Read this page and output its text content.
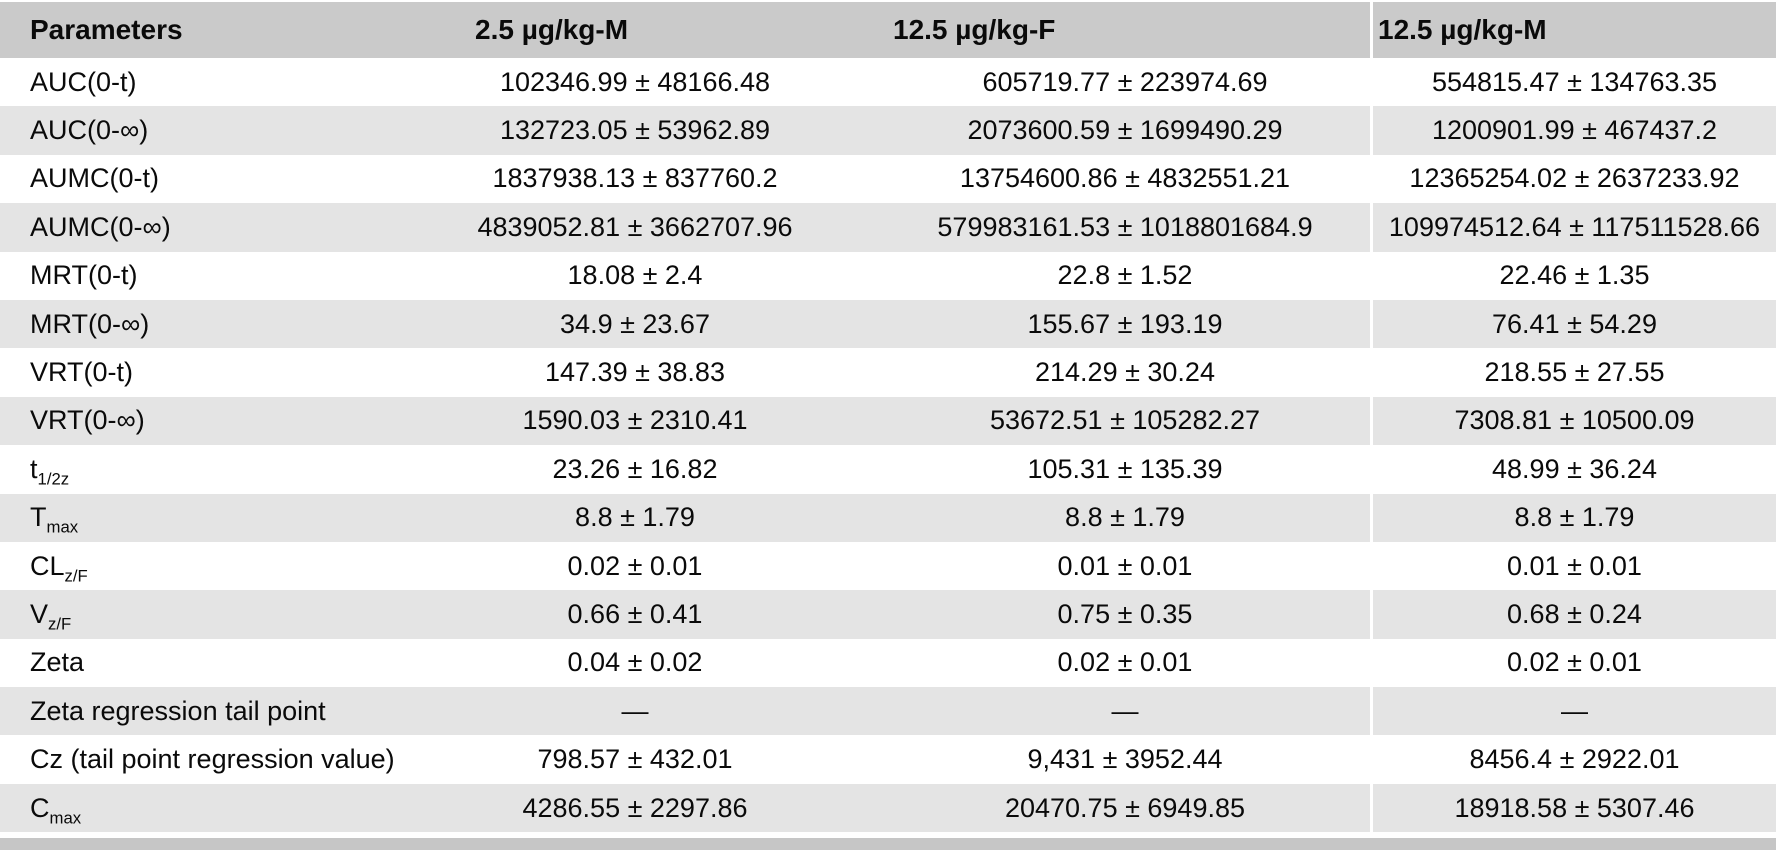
Parameters	2.5 µg/kg-M	12.5 µg/kg-F	12.5 µg/kg-M
AUC(0-t)	102346.99 ± 48166.48	605719.77 ± 223974.69	554815.47 ± 134763.35
AUC(0-∞)	132723.05 ± 53962.89	2073600.59 ± 1699490.29	1200901.99 ± 467437.2
AUMC(0-t)	1837938.13 ± 837760.2	13754600.86 ± 4832551.21	12365254.02 ± 2637233.92
AUMC(0-∞)	4839052.81 ± 3662707.96	579983161.53 ± 1018801684.9	109974512.64 ± 117511528.66
MRT(0-t)	18.08 ± 2.4	22.8 ± 1.52	22.46 ± 1.35
MRT(0-∞)	34.9 ± 23.67	155.67 ± 193.19	76.41 ± 54.29
VRT(0-t)	147.39 ± 38.83	214.29 ± 30.24	218.55 ± 27.55
VRT(0-∞)	1590.03 ± 2310.41	53672.51 ± 105282.27	7308.81 ± 10500.09
$t_{1/2z}$	23.26 ± 16.82	105.31 ± 135.39	48.99 ± 36.24
$T_{max}$	8.8 ± 1.79	8.8 ± 1.79	8.8 ± 1.79
$CL_{z/F}$	0.02 ± 0.01	0.01 ± 0.01	0.01 ± 0.01
$V_{z/F}$	0.66 ± 0.41	0.75 ± 0.35	0.68 ± 0.24
Zeta	0.04 ± 0.02	0.02 ± 0.01	0.02 ± 0.01
Zeta regression tail point	—	—	—
Cz (tail point regression value)	798.57 ± 432.01	9,431 ± 3952.44	8456.4 ± 2922.01
$C_{max}$	4286.55 ± 2297.86	20470.75 ± 6949.85	18918.58 ± 5307.46
